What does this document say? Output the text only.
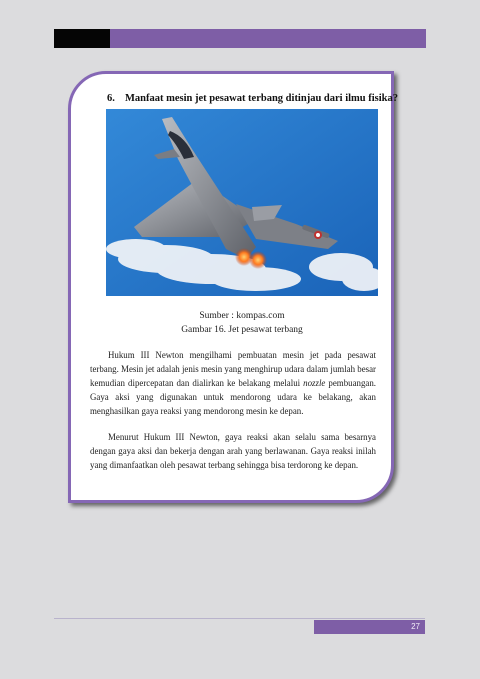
6. Manfaat mesin jet pesawat terbang ditinjau dari ilmu fisika?
Sumber : kompas.com
Gambar 16. Jet pesawat terbang

Hukum III Newton mengilhami pembuatan mesin jet pada pesawat terbang. Mesin jet adalah jenis mesin yang menghirup udara dalam jumlah besar kemudian dipercepatan dan dialirkan ke belakang melalui nozzle pembuangan. Gaya aksi yang digunakan untuk mendorong udara ke belakang, akan menghasilkan gaya reaksi yang mendorong mesin ke depan.

Menurut Hukum III Newton, gaya reaksi akan selalu sama besarnya dengan gaya aksi dan bekerja dengan arah yang berlawanan. Gaya reaksi inilah yang dimanfaatkan oleh pesawat terbang sehingga bisa terdorong ke depan.

27
